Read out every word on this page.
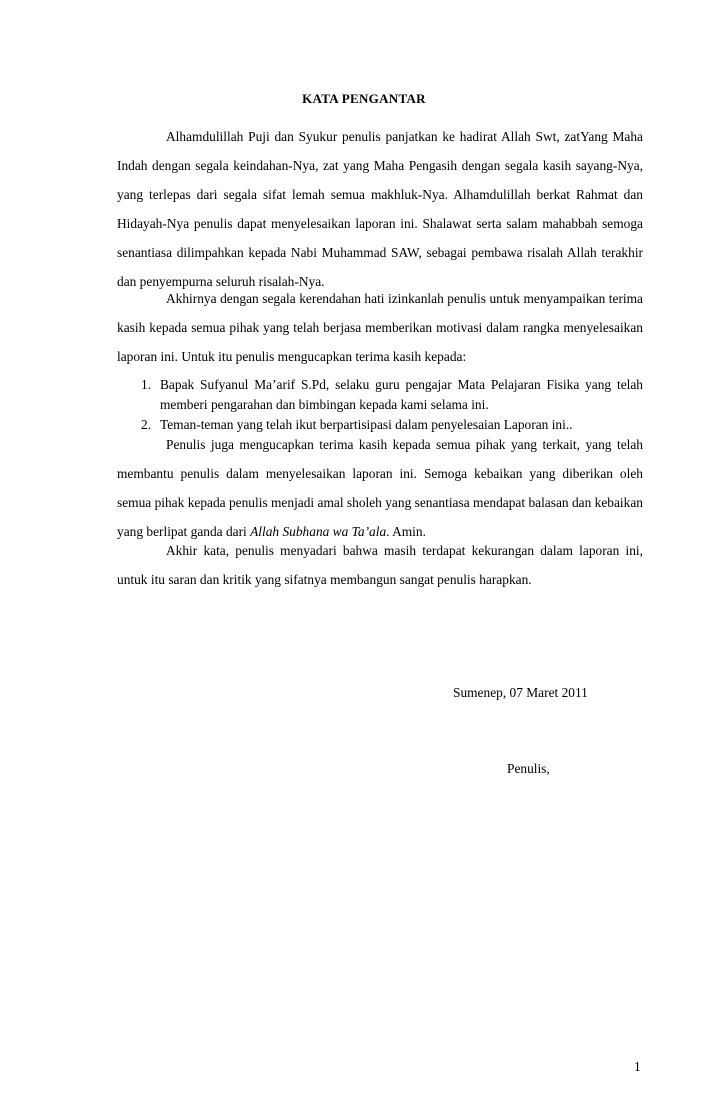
KATA PENGANTAR

Alhamdulillah Puji dan Syukur penulis panjatkan ke hadirat Allah Swt, zatYang Maha Indah dengan segala keindahan-Nya, zat yang Maha Pengasih dengan segala kasih sayang-Nya, yang terlepas dari segala sifat lemah semua makhluk-Nya. Alhamdulillah berkat Rahmat dan Hidayah-Nya penulis dapat menyelesaikan laporan ini. Shalawat serta salam mahabbah semoga senantiasa dilimpahkan kepada Nabi Muhammad SAW, sebagai pembawa risalah Allah terakhir dan penyempurna seluruh risalah-Nya.

Akhirnya dengan segala kerendahan hati izinkanlah penulis untuk menyampaikan terima kasih kepada semua pihak yang telah berjasa memberikan motivasi dalam rangka menyelesaikan laporan ini. Untuk itu penulis mengucapkan terima kasih kepada:

1. Bapak Sufyanul Ma’arif S.Pd, selaku guru pengajar Mata Pelajaran Fisika yang telah memberi pengarahan dan bimbingan kepada kami selama ini.
2. Teman-teman yang telah ikut berpartisipasi dalam penyelesaian Laporan ini..

Penulis juga mengucapkan terima kasih kepada semua pihak yang terkait, yang telah membantu penulis dalam menyelesaikan laporan ini. Semoga kebaikan yang diberikan oleh semua pihak kepada penulis menjadi amal sholeh yang senantiasa mendapat balasan dan kebaikan yang berlipat ganda dari Allah Subhana wa Ta’ala. Amin.

Akhir kata, penulis menyadari bahwa masih terdapat kekurangan dalam laporan ini, untuk itu saran dan kritik yang sifatnya membangun sangat penulis harapkan.

Sumenep, 07 Maret 2011
Penulis,
1
